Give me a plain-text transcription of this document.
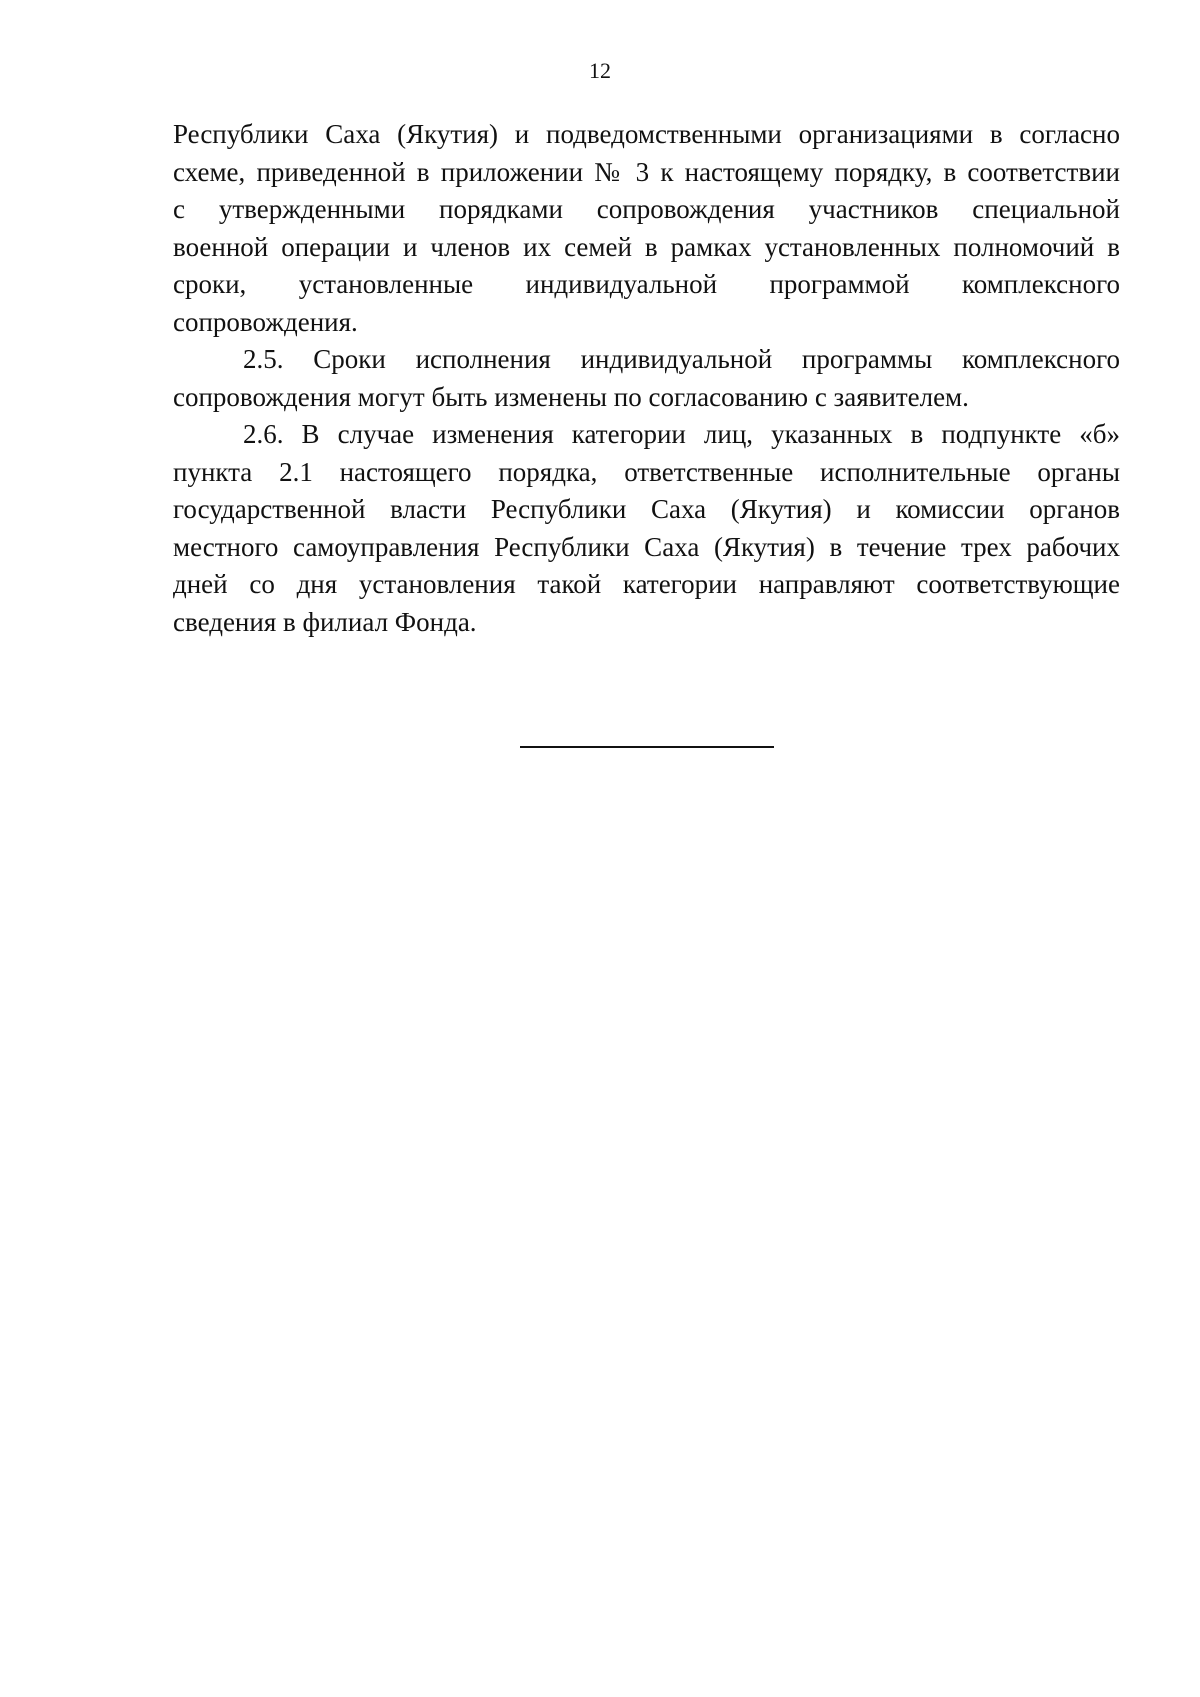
12

Республики Саха (Якутия) и подведомственными организациями в согласно
схеме, приведенной в приложении № 3 к настоящему порядку, в соответствии
с утвержденными порядками сопровождения участников специальной
военной операции и членов их семей в рамках установленных полномочий в
сроки, установленные индивидуальной программой комплексного
сопровождения.

2.5. Сроки исполнения индивидуальной программы комплексного
сопровождения могут быть изменены по согласованию с заявителем.

2.6. В случае изменения категории лиц, указанных в подпункте «б»
пункта 2.1 настоящего порядка, ответственные исполнительные органы
государственной власти Республики Саха (Якутия) и комиссии органов
местного самоуправления Республики Саха (Якутия) в течение трех рабочих
дней со дня установления такой категории направляют соответствующие
сведения в филиал Фонда.
